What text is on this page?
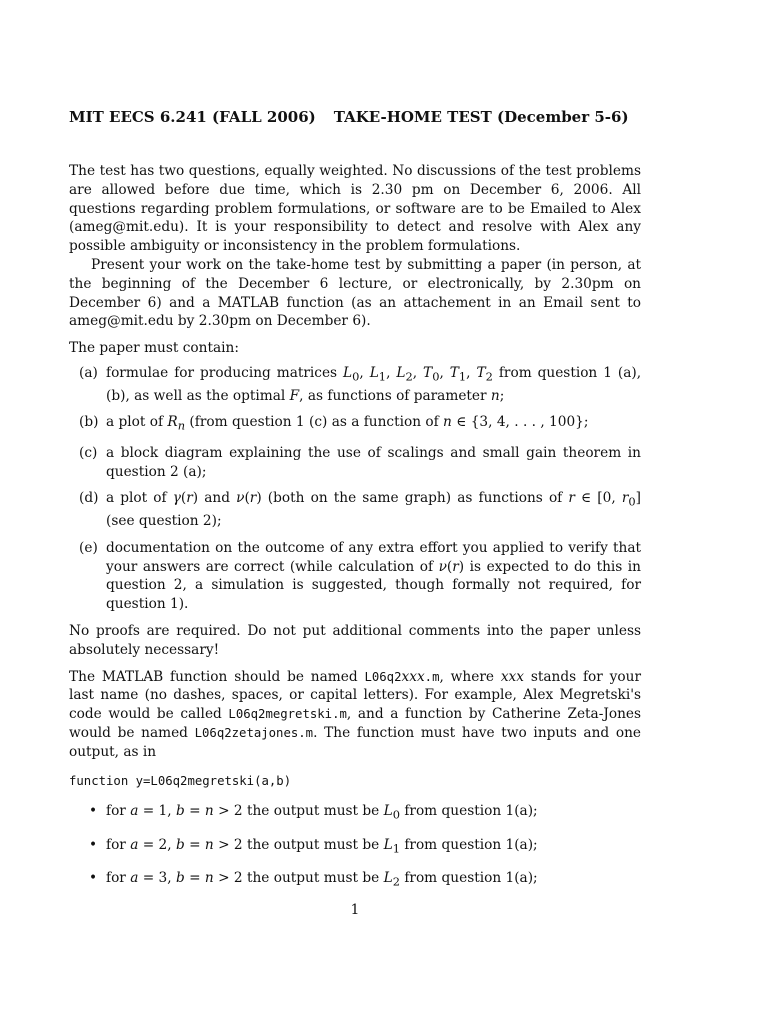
MIT EECS 6.241 (FALL 2006) TAKE-HOME TEST (December 5-6)

The test has two questions, equally weighted. No discussions of the test problems are allowed before due time, which is 2.30 pm on December 6, 2006. All questions regarding problem formulations, or software are to be Emailed to Alex (ameg@mit.edu). It is your responsibility to detect and resolve with Alex any possible ambiguity or inconsistency in the problem formulations.

Present your work on the take-home test by submitting a paper (in person, at the beginning of the December 6 lecture, or electronically, by 2.30pm on December 6) and a MATLAB function (as an attachement in an Email sent to ameg@mit.edu by 2.30pm on December 6).

The paper must contain:

(a) formulae for producing matrices $L_0$, $L_1$, $L_2$, $T_0$, $T_1$, $T_2$ from question 1 (a),(b), as well as the optimal F, as functions of parameter n;
(b) a plot of $R_n$ (from question 1 (c) as a function of n ∈ {3, 4, . . . , 100};
(c) a block diagram explaining the use of scalings and small gain theorem in question 2 (a);
(d) a plot of γ(r) and ν(r) (both on the same graph) as functions of r ∈ [0, $r_0$] (see question 2);
(e) documentation on the outcome of any extra effort you applied to verify that your answers are correct (while calculation of ν(r) is expected to do this in question 2, a simulation is suggested, though formally not required, for question 1).

No proofs are required. Do not put additional comments into the paper unless absolutely necessary!

The MATLAB function should be named L06q2xxx.m, where xxx stands for your last name (no dashes, spaces, or capital letters). For example, Alex Megretski's code would be called L06q2megretski.m, and a function by Catherine Zeta-Jones would be named L06q2zetajones.m. The function must have two inputs and one output, as in

function y=L06q2megretski(a,b)

• for a = 1, b = n > 2 the output must be $L_0$ from question 1(a);
• for a = 2, b = n > 2 the output must be $L_1$ from question 1(a);
• for a = 3, b = n > 2 the output must be $L_2$ from question 1(a);
1
